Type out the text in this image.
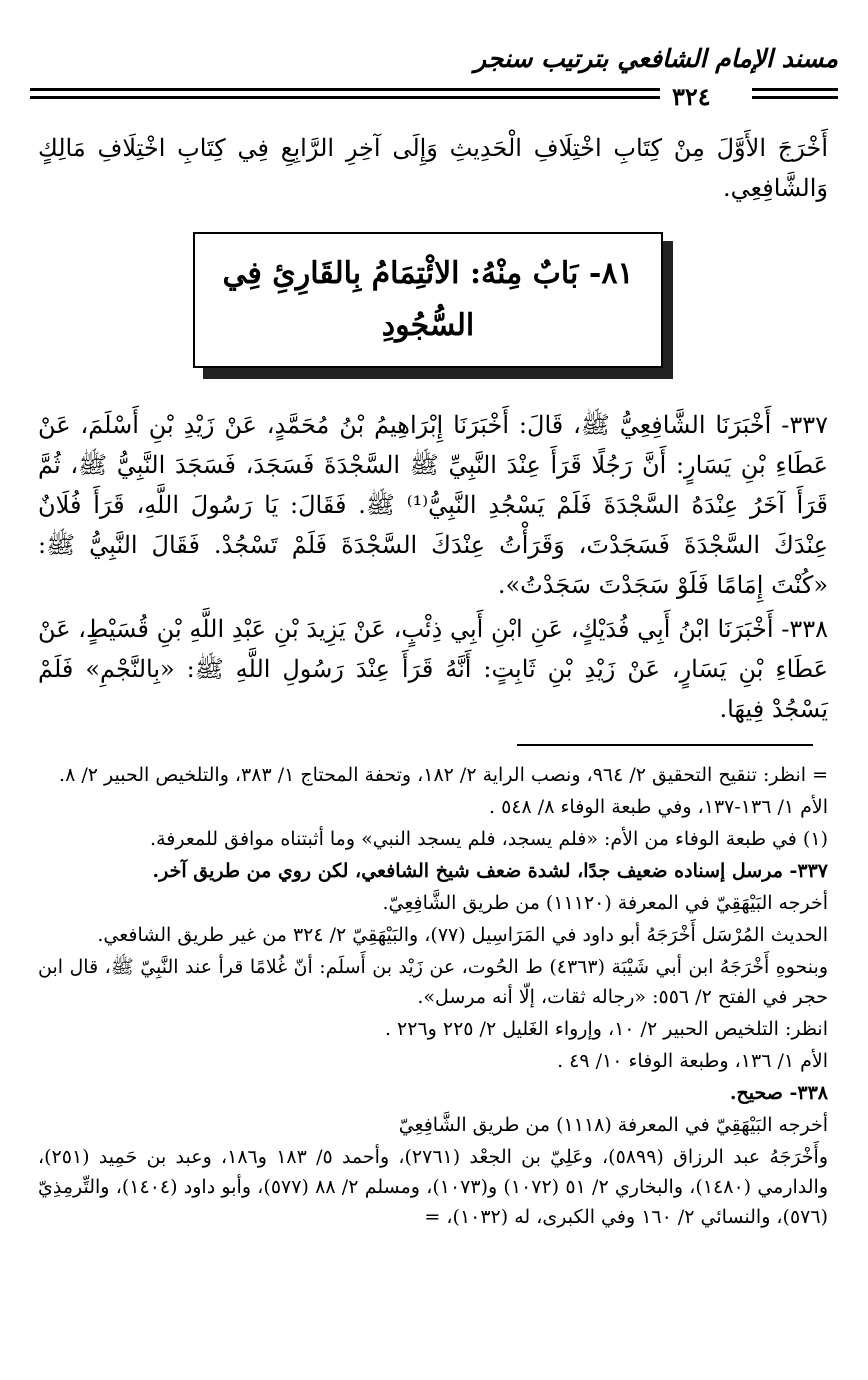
مسند الإمام الشافعي بترتيب سنجر
٣٢٤

أَخْرَجَ الأَوَّلَ مِنْ كِتَابِ اخْتِلَافِ الْحَدِيثِ وَإِلَى آخِرِ الرَّابِعِ فِي كِتَابِ اخْتِلَافِ مَالِكٍ وَالشَّافِعِي.

٨١- بَابٌ مِنْهُ: الائْتِمَامُ بِالقَارِئِ فِي السُّجُودِ

٣٣٧- أَخْبَرَنَا الشَّافِعِيُّ ﷺ، قَالَ: أَخْبَرَنَا إِبْرَاهِيمُ بْنُ مُحَمَّدٍ، عَنْ زَيْدِ بْنِ أَسْلَمَ، عَنْ عَطَاءِ بْنِ يَسَارٍ: أَنَّ رَجُلًا قَرَأَ عِنْدَ النَّبِيِّ ﷺ السَّجْدَةَ فَسَجَدَ، فَسَجَدَ النَّبِيُّ ﷺ، ثُمَّ قَرَأَ آخَرُ عِنْدَهُ السَّجْدَةَ فَلَمْ يَسْجُدِ النَّبِيُّ⁽¹⁾ ﷺ. فَقَالَ: يَا رَسُولَ اللَّهِ، قَرَأَ فُلَانٌ عِنْدَكَ السَّجْدَةَ فَسَجَدْتَ، وَقَرَأْتُ عِنْدَكَ السَّجْدَةَ فَلَمْ تَسْجُدْ. فَقَالَ النَّبِيُّ ﷺ: «كُنْتَ إِمَامًا فَلَوْ سَجَدْتَ سَجَدْتُ».

٣٣٨- أَخْبَرَنَا ابْنُ أَبِي فُدَيْكٍ، عَنِ ابْنِ أَبِي ذِئْبٍ، عَنْ يَزِيدَ بْنِ عَبْدِ اللَّهِ بْنِ قُسَيْطٍ، عَنْ عَطَاءِ بْنِ يَسَارٍ، عَنْ زَيْدِ بْنِ ثَابِتٍ: أَنَّهُ قَرَأَ عِنْدَ رَسُولِ اللَّهِ ﷺ: «بِالنَّجْمِ» فَلَمْ يَسْجُدْ فِيهَا.

= انظر: تنقيح التحقيق ٢/ ٩٦٤، ونصب الراية ٢/ ١٨٢، وتحفة المحتاج ١/ ٣٨٣، والتلخيص الحبير ٢/ ٨.

الأم ١/ ١٣٦-١٣٧، وفي طبعة الوفاء ٨/ ٥٤٨ .

(١) في طبعة الوفاء من الأم: «فلم يسجد، فلم يسجد النبي» وما أثبتناه موافق للمعرفة.

٣٣٧- مرسل إسناده ضعيف جدًا، لشدة ضعف شيخ الشافعي، لكن روي من طريق آخر.

أخرجه البَيْهَقِيّ في المعرفة (١١١٢٠) من طريق الشَّافِعِيّ.

الحديث المُرْسَل أَخْرَجَهُ أبو داود في المَرَاسِيل (٧٧)، والبَيْهَقِيّ ٢/ ٣٢٤ من غير طريق الشافعي.

وبنحوهِ أَخْرَجَهُ ابن أبي شَيْبَة (٤٣٦٣) ط الحُوت، عن زَيْد بن أَسلَم: أنّ غُلامًا قرأ عند النَّبِيّ ﷺ، قال ابن حجر في الفتح ٢/ ٥٥٦: «رجاله ثقات، إلّا أنه مرسل».

انظر: التلخيص الحبير ٢/ ١٠، وإرواء الغَليل ٢/ ٢٢٥ و٢٢٦ .

الأم ١/ ١٣٦، وطبعة الوفاء ١٠/ ٤٩ .

٣٣٨- صحيح.

أخرجه البَيْهَقِيّ في المعرفة (١١١٨) من طريق الشَّافِعِيّ

وأَخْرَجَهُ عبد الرزاق (٥٨٩٩)، وعَلِيّ بن الجعْد (٢٧٦١)، وأحمد ٥/ ١٨٣ و١٨٦، وعبد بن حَمِيد (٢٥١)، والدارمي (١٤٨٠)، والبخاري ٢/ ٥١ (١٠٧٢) و(١٠٧٣)، ومسلم ٢/ ٨٨ (٥٧٧)، وأبو داود (١٤٠٤)، والتِّرمِذِيّ (٥٧٦)، والنسائي ٢/ ١٦٠ وفي الكبرى، له (١٠٣٢)، =
